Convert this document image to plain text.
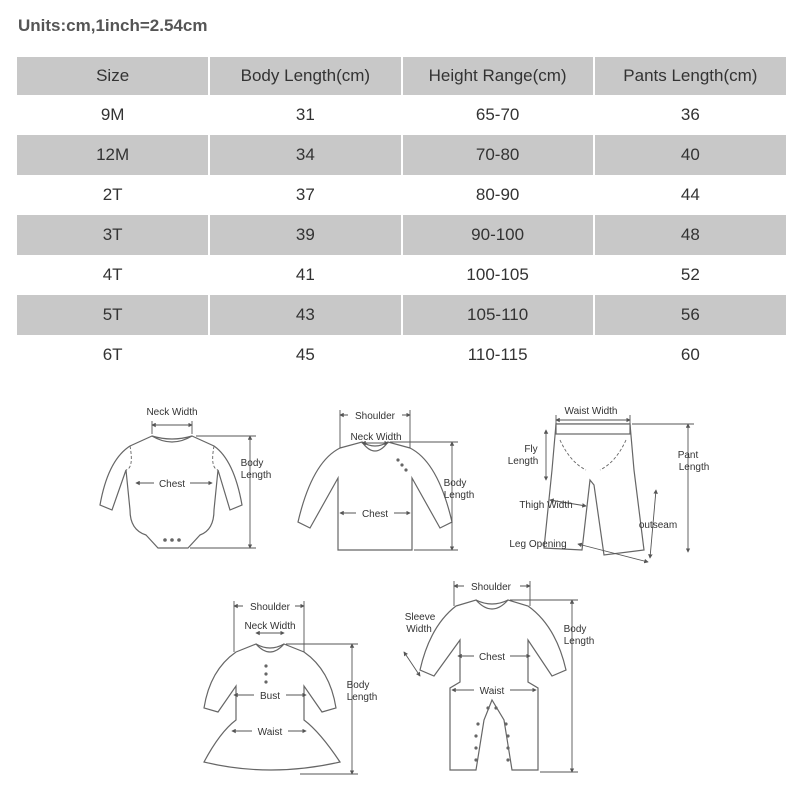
Units:cm,1inch=2.54cm
Size	Body Length(cm)	Height Range(cm)	Pants Length(cm)
9M	31	65-70	36
12M	34	70-80	40
2T	37	80-90	44
3T	39	90-100	48
4T	41	100-105	52
5T	43	105-110	56
6T	45	110-115	60
Neck Width
Chest
Body
Length
Shoulder
Neck Width
Chest
Body
Length
Waist Width
Fly
Length
Pant
Length
Thigh Width
outseam
Leg Opening
Shoulder
Neck Width
Bust
Waist
Body
Length
Shoulder
Sleeve
Width
Chest
Waist
Body
Length
